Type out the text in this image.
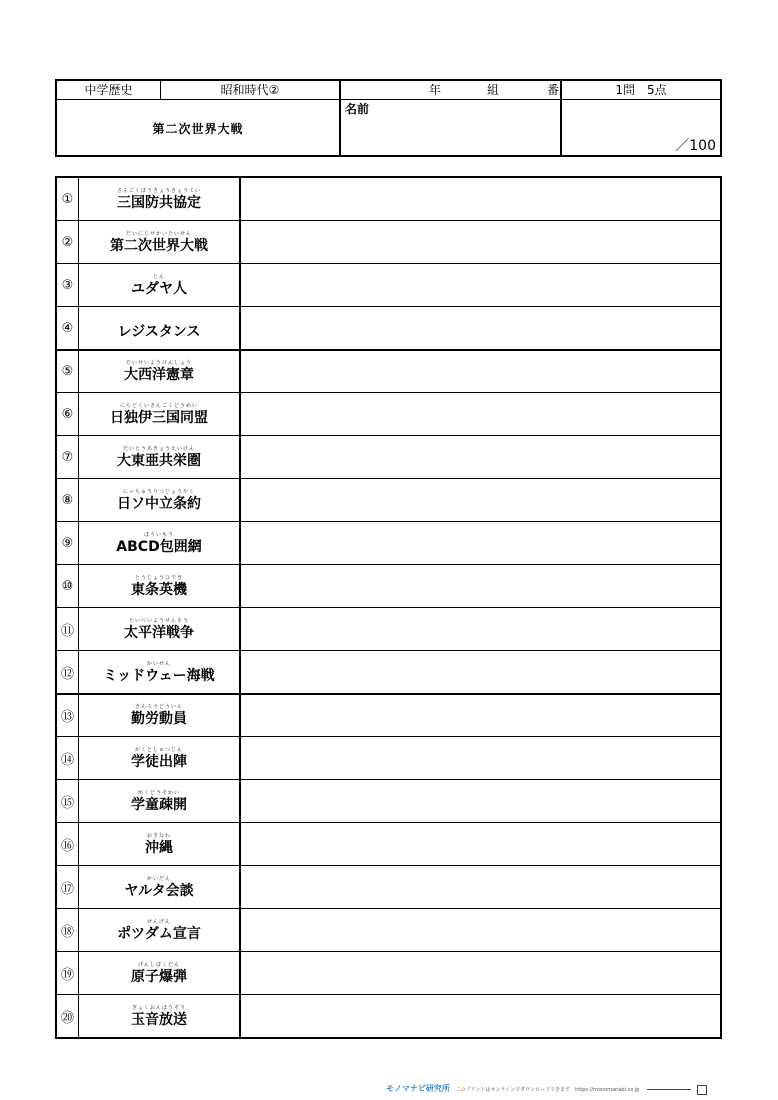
中学歴史	昭和時代②
第二次世界大戦
年	組	番
名前
1問　5点
／100
①
さんごくぼうきょうきょうてい
三国防共協定
②
だいにじせかいたいせん
第二次世界大戦
③
じん
ユダヤ人
④	レジスタンス
⑤
たいせいようけんしょう
大西洋憲章
⑥
にちどくいさんごくどうめい
日独伊三国同盟
⑦
だいとうあきょうえいけん
大東亜共栄圏
⑧
にっちゅうりつじょうやく
日ソ中立条約
⑨
ほういもう
ABCD包囲網
⑩
とうじょうひでき
東条英機
⑪
たいへいようせんそう
太平洋戦争
⑫
かいせん
ミッドウェー海戦
⑬
きんろうどういん
勤労動員
⑭
がくとしゅつじん
学徒出陣
⑮
がくどうそかい
学童疎開
⑯
おきなわ
沖縄
⑰
かいだん
ヤルタ会談
⑱
せんげん
ポツダム宣言
⑲
げんしばくだん
原子爆弾
⑳
ぎょくおんほうそう
玉音放送
モノマナビ研究所 このプリントはオンラインでダウンロードできます　https://monomanabi.co.jp
